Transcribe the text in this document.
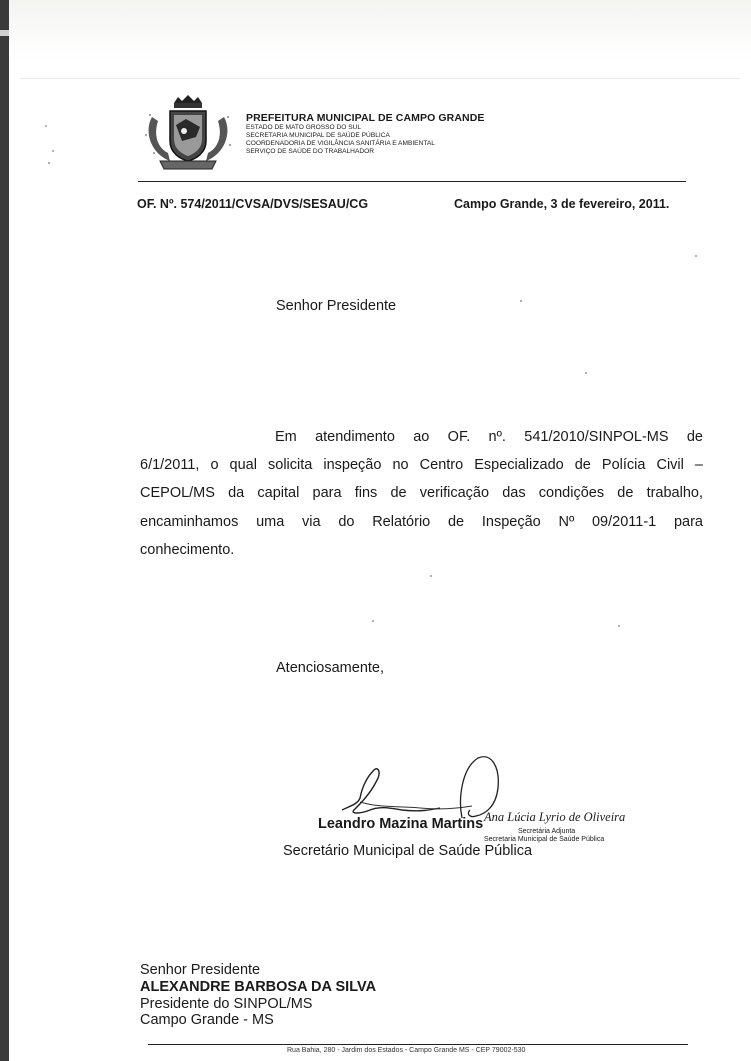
PREFEITURA MUNICIPAL DE CAMPO GRANDE
ESTADO DE MATO GROSSO DO SUL
SECRETARIA MUNICIPAL DE SAÚDE PÚBLICA
COORDENADORIA DE VIGILÂNCIA SANITÁRIA E AMBIENTAL
SERVIÇO DE SAÚDE DO TRABALHADOR
OF. Nº. 574/2011/CVSA/DVS/SESAU/CG	Campo Grande, 3 de fevereiro, 2011.
Senhor Presidente
Em atendimento ao OF. nº. 541/2010/SINPOL-MS de
6/1/2011, o qual solicita inspeção no Centro Especializado de Polícia Civil –
CEPOL/MS da capital para fins de verificação das condições de trabalho,
encaminhamos uma via do Relatório de Inspeção Nº 09/2011-1 para
conhecimento.
Atenciosamente,
Leandro Mazina Martins
Secretário Municipal de Saúde Pública
Ana Lúcia Lyrio de Oliveira
Secretária Adjunta
Secretaria Municipal de Saúde Pública
Senhor Presidente
ALEXANDRE BARBOSA DA SILVA
Presidente do SINPOL/MS
Campo Grande - MS
Rua Bahia, 280 - Jardim dos Estados - Campo Grande MS - CEP 79002-530
